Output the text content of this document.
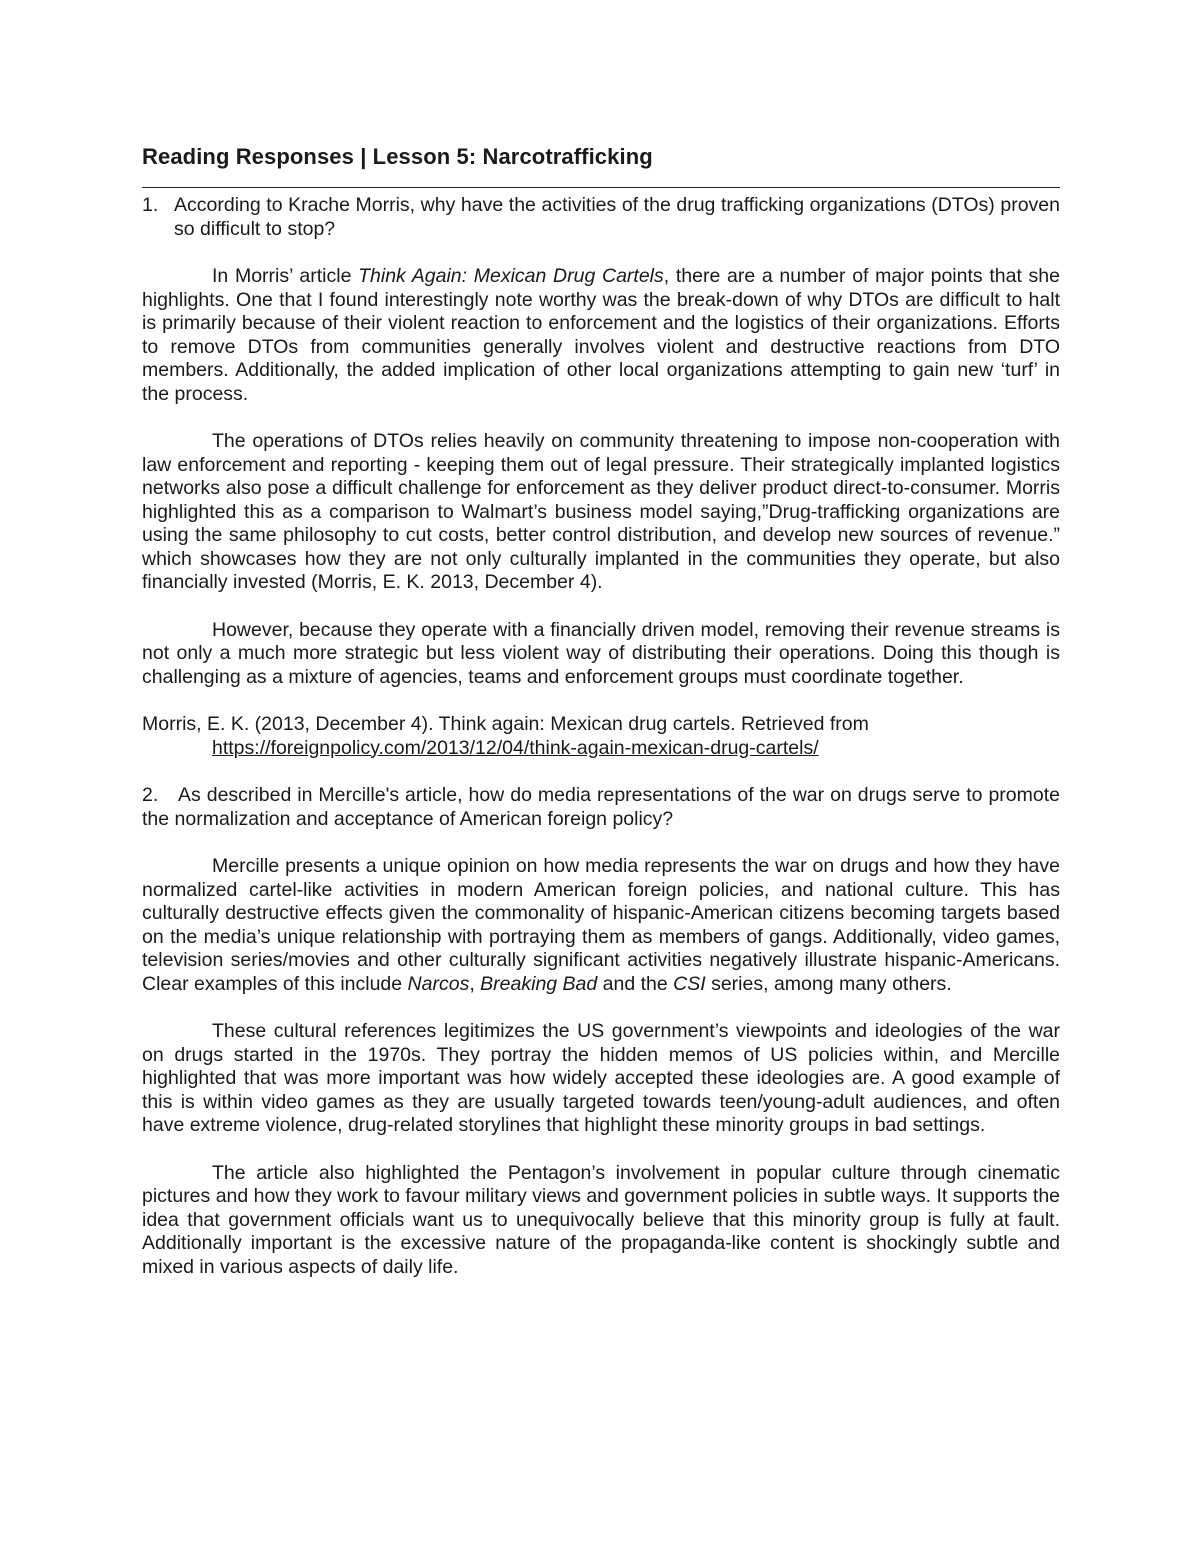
Reading Responses | Lesson 5: Narcotrafficking
1. According to Krache Morris, why have the activities of the drug trafficking organizations (DTOs) proven so difficult to stop?

In Morris’ article Think Again: Mexican Drug Cartels, there are a number of major points that she highlights. One that I found interestingly note worthy was the break-down of why DTOs are difficult to halt is primarily because of their violent reaction to enforcement and the logistics of their organizations. Efforts to remove DTOs from communities generally involves violent and destructive reactions from DTO members. Additionally, the added implication of other local organizations attempting to gain new ‘turf’ in the process.

The operations of DTOs relies heavily on community threatening to impose non-cooperation with law enforcement and reporting - keeping them out of legal pressure. Their strategically implanted logistics networks also pose a difficult challenge for enforcement as they deliver product direct-to-consumer. Morris highlighted this as a comparison to Walmart’s business model saying,”Drug-trafficking organizations are using the same philosophy to cut costs, better control distribution, and develop new sources of revenue.” which showcases how they are not only culturally implanted in the communities they operate, but also financially invested (Morris, E. K. 2013, December 4).

However, because they operate with a financially driven model, removing their revenue streams is not only a much more strategic but less violent way of distributing their operations. Doing this though is challenging as a mixture of agencies, teams and enforcement groups must coordinate together.

Morris, E. K. (2013, December 4). Think again: Mexican drug cartels. Retrieved from https://foreignpolicy.com/2013/12/04/think-again-mexican-drug-cartels/

2. As described in Mercille's article, how do media representations of the war on drugs serve to promote the normalization and acceptance of American foreign policy?

Mercille presents a unique opinion on how media represents the war on drugs and how they have normalized cartel-like activities in modern American foreign policies, and national culture. This has culturally destructive effects given the commonality of hispanic-American citizens becoming targets based on the media’s unique relationship with portraying them as members of gangs. Additionally, video games, television series/movies and other culturally significant activities negatively illustrate hispanic-Americans. Clear examples of this include Narcos, Breaking Bad and the CSI series, among many others.

These cultural references legitimizes the US government’s viewpoints and ideologies of the war on drugs started in the 1970s. They portray the hidden memos of US policies within, and Mercille highlighted that was more important was how widely accepted these ideologies are. A good example of this is within video games as they are usually targeted towards teen/young-adult audiences, and often have extreme violence, drug-related storylines that highlight these minority groups in bad settings.

The article also highlighted the Pentagon’s involvement in popular culture through cinematic pictures and how they work to favour military views and government policies in subtle ways. It supports the idea that government officials want us to unequivocally believe that this minority group is fully at fault. Additionally important is the excessive nature of the propaganda-like content is shockingly subtle and mixed in various aspects of daily life.
